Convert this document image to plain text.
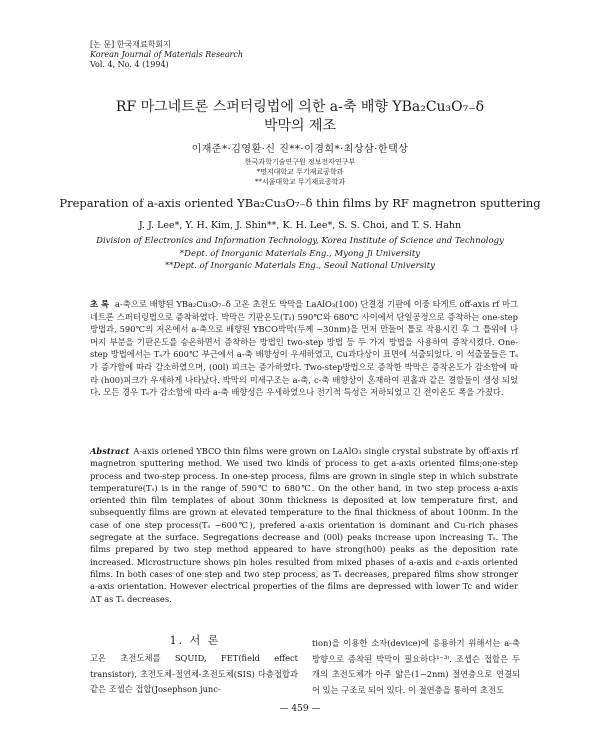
[논 문] 한국재료학회지
Korean Journal of Materials Research
Vol. 4, No. 4 (1994)
RF 마그네트론 스퍼터링법에 의한 a-축 배향 YBa₂Cu₃O₇₋δ
박막의 제조
이재준*·김영환·신 진**·이경희*·최상삼·한택상
한국과학기술연구원 정보전자연구부
*명지대학교 무기재료공학과
**서울대학교 무기재료공학과
Preparation of a-axis oriented YBa₂Cu₃O₇₋δ thin films by RF magnetron sputtering
J. J. Lee*, Y. H. Kim, J. Shin**, K. H. Lee*, S. S. Choi, and T. S. Hahn
Division of Electronics and Information Technology, Korea Institute of Science and Technology
*Dept. of Inorganic Materials Eng., Myong Ji University
**Dept. of Inorganic Materials Eng., Seoul National University
초 록 a-축으로 배향된 YBa₂Cu₃O₇₋δ 고온 초전도 박막을 LaAlO₃(100) 단결정 기판에 이중 타게트 off-axis rf 마그네트론 스퍼터링법으로 증착하였다. 박막은 기판온도(Tₛ) 590℃와 680℃ 사이에서 단일공정으로 증착하는 one-step 방법과, 590℃의 저온에서 a-축으로 배향된 YBCO박막(두께 ~30nm)을 먼저 만들어 틀로 작용시킨 후 그 틀위에 나머지 부분을 기판온도를 승온하면서 증착하는 방법인 two-step 방법 등 두 가지 방법을 사용하여 증착시켰다. One-step 방법에서는 Tₛ가 600℃ 부근에서 a-축 배향성이 우세하였고, Cu과다상이 표면에 석출되었다. 이 석출물들은 Tₛ가 증가함에 따라 감소하였으며, (00l) 피크는 증가하였다. Two-step방법으로 증착한 박막은 증착온도가 감소함에 따라 (h00)피크가 우세하게 나타났다. 박막의 미세구조는 a-축, c-축 배향상이 혼재하여 핀홀과 같은 결함들이 생성 되었다. 모든 경우 Tₛ가 감소함에 따라 a-축 배향성은 우세하였으나 전기적 특성은 저하되었고 긴 전이온도 폭을 가졌다.
Abstract A-axis oriened YBCO thin films were grown on LaAlO₃ single crystal substrate by off-axis rf magnetron sputtering method. We used two kinds of process to get a-axis oriented films;one-step process and two-step process. In one-step process, films are grown in single step in which substrate temperature(Tₛ) is in the range of 590℃ to 680℃. On the other hand, in two step process a-axis oriented thin film templates of about 30nm thickness is deposited at low temperature first, and subsequently films are grown at elevated temperature to the final thickness of about 100nm. In the case of one step process(Tₛ ~600℃), prefered a-axis orientation is dominant and Cu-rich phases segregate at the surface. Segregations decrease and (00l) peaks increase upon increasing Tₛ. The films prepared by two step method appeared to have strong(h00) peaks as the deposition rate increased. Microstructure shows pin holes resulted from mixed phases of a-axis and c-axis oriented films. In both cases of one step and two step process, as Tₛ decreases, prepared films show stronger a-axis orientation. However electrical properties of the films are depressed with lower Tc and wider ΔT as Tₛ decreases.
1. 서 론
고온 초전도체를 SQUID, FET(field effect transistor), 초전도체-절연체-초전도체(SIS) 다층접합과 같은 조셉슨 접합(Josephson junc-
tion)을 이용한 소자(device)에 응용하기 위해서는 a-축 방향으로 증착된 박막이 필요하다¹⁻³⁾. 조셉슨 접합은 두 개의 초전도체가 아주 얇은(1~2nm) 절연층으로 연결되어 있는 구조로 되어 있다. 이 절연층을 통하여 초전도
— 459 —
